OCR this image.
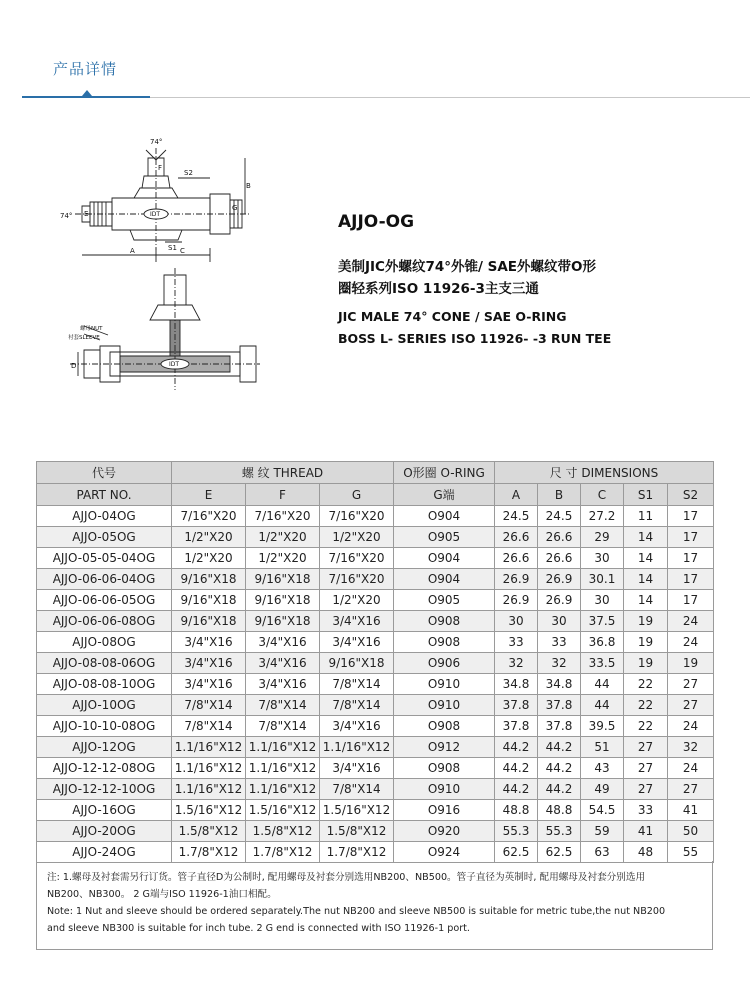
产品详情
74°
74°
S2
S1
A
B
C
G
E
F
D
IDT
IDT
螺母NUT
衬套SLEEVE
AJJO-OG
美制JIC外螺纹74°外锥/ SAE外螺纹带O形
圈轻系列ISO 11926-3主支三通
JIC MALE 74° CONE / SAE O-RING
BOSS L- SERIES ISO 11926- -3 RUN TEE
代号	螺 纹 THREAD			O形圈 O-RING	尺 寸 DIMENSIONS				
PART NO.	E	F	G	G端	A	B	C	S1	S2
AJJO-04OG	7/16"X20	7/16"X20	7/16"X20	O904	24.5	24.5	27.2	11	17
AJJO-05OG	1/2"X20	1/2"X20	1/2"X20	O905	26.6	26.6	29	14	17
AJJO-05-05-04OG	1/2"X20	1/2"X20	7/16"X20	O904	26.6	26.6	30	14	17
AJJO-06-06-04OG	9/16"X18	9/16"X18	7/16"X20	O904	26.9	26.9	30.1	14	17
AJJO-06-06-05OG	9/16"X18	9/16"X18	1/2"X20	O905	26.9	26.9	30	14	17
AJJO-06-06-08OG	9/16"X18	9/16"X18	3/4"X16	O908	30	30	37.5	19	24
AJJO-08OG	3/4"X16	3/4"X16	3/4"X16	O908	33	33	36.8	19	24
AJJO-08-08-06OG	3/4"X16	3/4"X16	9/16"X18	O906	32	32	33.5	19	19
AJJO-08-08-10OG	3/4"X16	3/4"X16	7/8"X14	O910	34.8	34.8	44	22	27
AJJO-10OG	7/8"X14	7/8"X14	7/8"X14	O910	37.8	37.8	44	22	27
AJJO-10-10-08OG	7/8"X14	7/8"X14	3/4"X16	O908	37.8	37.8	39.5	22	24
AJJO-12OG	1.1/16"X12	1.1/16"X12	1.1/16"X12	O912	44.2	44.2	51	27	32
AJJO-12-12-08OG	1.1/16"X12	1.1/16"X12	3/4"X16	O908	44.2	44.2	43	27	24
AJJO-12-12-10OG	1.1/16"X12	1.1/16"X12	7/8"X14	O910	44.2	44.2	49	27	27
AJJO-16OG	1.5/16"X12	1.5/16"X12	1.5/16"X12	O916	48.8	48.8	54.5	33	41
AJJO-20OG	1.5/8"X12	1.5/8"X12	1.5/8"X12	O920	55.3	55.3	59	41	50
AJJO-24OG	1.7/8"X12	1.7/8"X12	1.7/8"X12	O924	62.5	62.5	63	48	55

注: 1.螺母及衬套需另行订货。管子直径D为公制时, 配用螺母及衬套分别选用NB200、NB500。管子直径为英制时, 配用螺母及衬套分别选用

NB200、NB300。 2 G端与ISO 11926-1油口相配。

Note: 1 Nut and sleeve should be ordered separately.The nut NB200 and sleeve NB500 is suitable for metric tube,the nut NB200

and sleeve NB300 is suitable for inch tube. 2 G end is connected with ISO 11926-1 port.
